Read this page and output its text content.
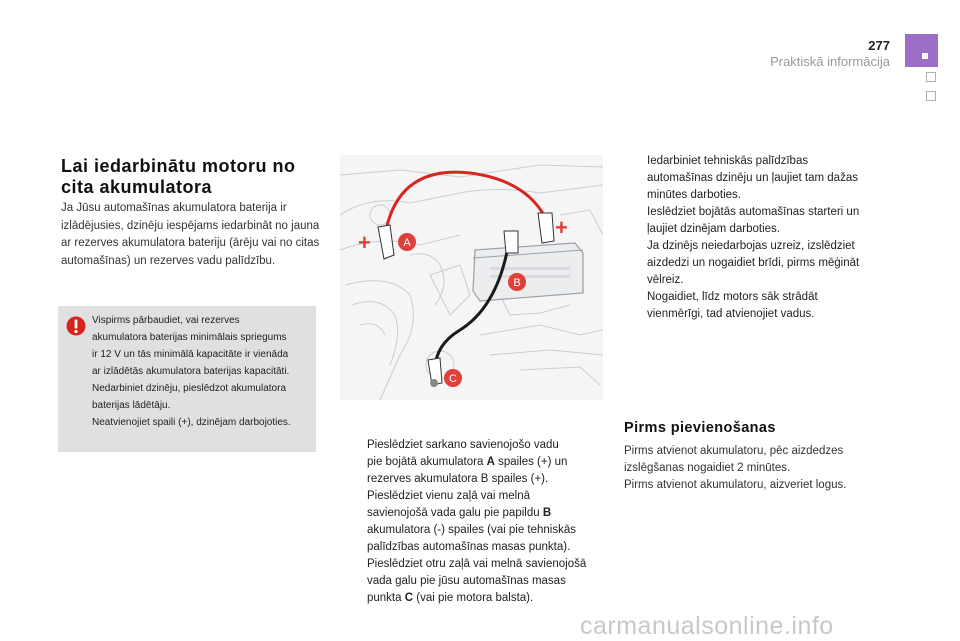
277
Praktiskā informācija
Lai iedarbinātu motoru no cita akumulatora
Ja Jūsu automašīnas akumulatora baterija ir izlādējusies, dzinēju iespējams iedarbināt no jauna ar rezerves akumulatora bateriju (ārēju vai no citas automašīnas) un rezerves vadu palīdzību.
Vispirms pārbaudiet, vai rezerves
akumulatora baterijas minimālais spriegums
ir 12 V un tās minimālā kapacitāte ir vienāda
ar izlādētās akumulatora baterijas kapacitāti.
Nedarbiniet dzinēju, pieslēdzot akumulatora
baterijas lādētāju.
Neatvienojiet spaili (+), dzinējam darbojoties.
+
+
A
B
C
Pieslēdziet sarkano savienojošo vadu
pie bojātā akumulatora A spailes (+) un
rezerves akumulatora B spailes (+).
Pieslēdziet vienu zaļā vai melnā
savienojošā vada galu pie papildu B
akumulatora (-) spailes (vai pie tehniskās
palīdzības automašīnas masas punkta).
Pieslēdziet otru zaļā vai melnā savienojošā
vada galu pie jūsu automašīnas masas
punkta C (vai pie motora balsta).
Iedarbiniet tehniskās palīdzības
automašīnas dzinēju un ļaujiet tam dažas
minūtes darboties.
Ieslēdziet bojātās automašīnas starteri un
ļaujiet dzinējam darboties.
Ja dzinējs neiedarbojas uzreiz, izslēdziet
aizdedzi un nogaidiet brīdi, pirms mēģināt
vēlreiz.
Nogaidiet, līdz motors sāk strādāt
vienmērīgi, tad atvienojiet vadus.
Pirms pievienošanas
Pirms atvienot akumulatoru, pēc aizdedzes
izslēgšanas nogaidiet 2 minūtes.
Pirms atvienot akumulatoru, aizveriet logus.
carmanualsonline.info
